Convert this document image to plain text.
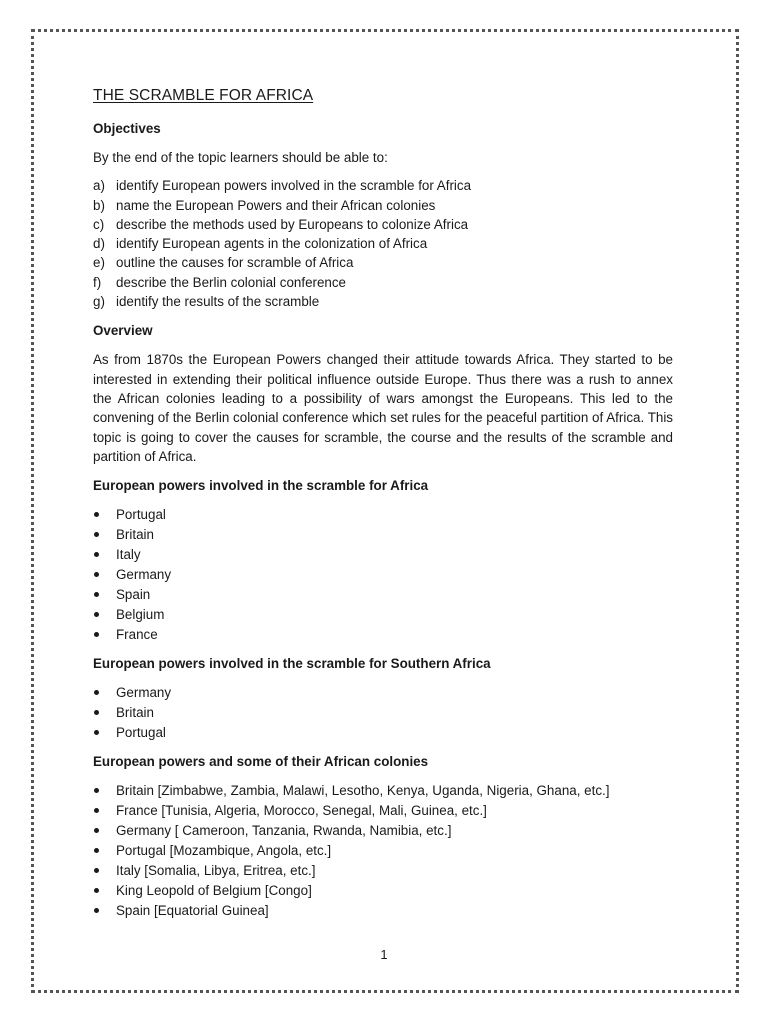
THE SCRAMBLE FOR AFRICA
Objectives

By the end of the topic learners should be able to:

a) identify European powers involved in the scramble for Africa
b) name the European Powers and their African colonies
c) describe the methods used by Europeans to colonize Africa
d) identify European agents in the colonization of Africa
e) outline the causes for scramble of Africa
f)	describe the Berlin colonial conference
g) identify the results of the scramble
Overview

As from 1870s the European Powers changed their attitude towards Africa. They started to be interested in extending their political influence outside Europe. Thus there was a rush to annex the African colonies leading to a possibility of wars amongst the Europeans. This led to the convening of the Berlin colonial conference which set rules for the peaceful partition of Africa. This topic is going to cover the causes for scramble, the course and the results of the scramble and partition of Africa.

European powers involved in the scramble for Africa
Portugal
Britain
Italy
Germany
Spain
Belgium
France
European powers involved in the scramble for Southern Africa
Germany
Britain
Portugal
European powers and some of their African colonies
Britain [Zimbabwe, Zambia, Malawi, Lesotho, Kenya, Uganda, Nigeria, Ghana, etc.]
France [Tunisia, Algeria, Morocco, Senegal, Mali, Guinea, etc.]
Germany [ Cameroon, Tanzania, Rwanda, Namibia, etc.]
Portugal [Mozambique, Angola, etc.]
Italy [Somalia, Libya, Eritrea, etc.]
King Leopold of Belgium [Congo]
Spain [Equatorial Guinea]
1
